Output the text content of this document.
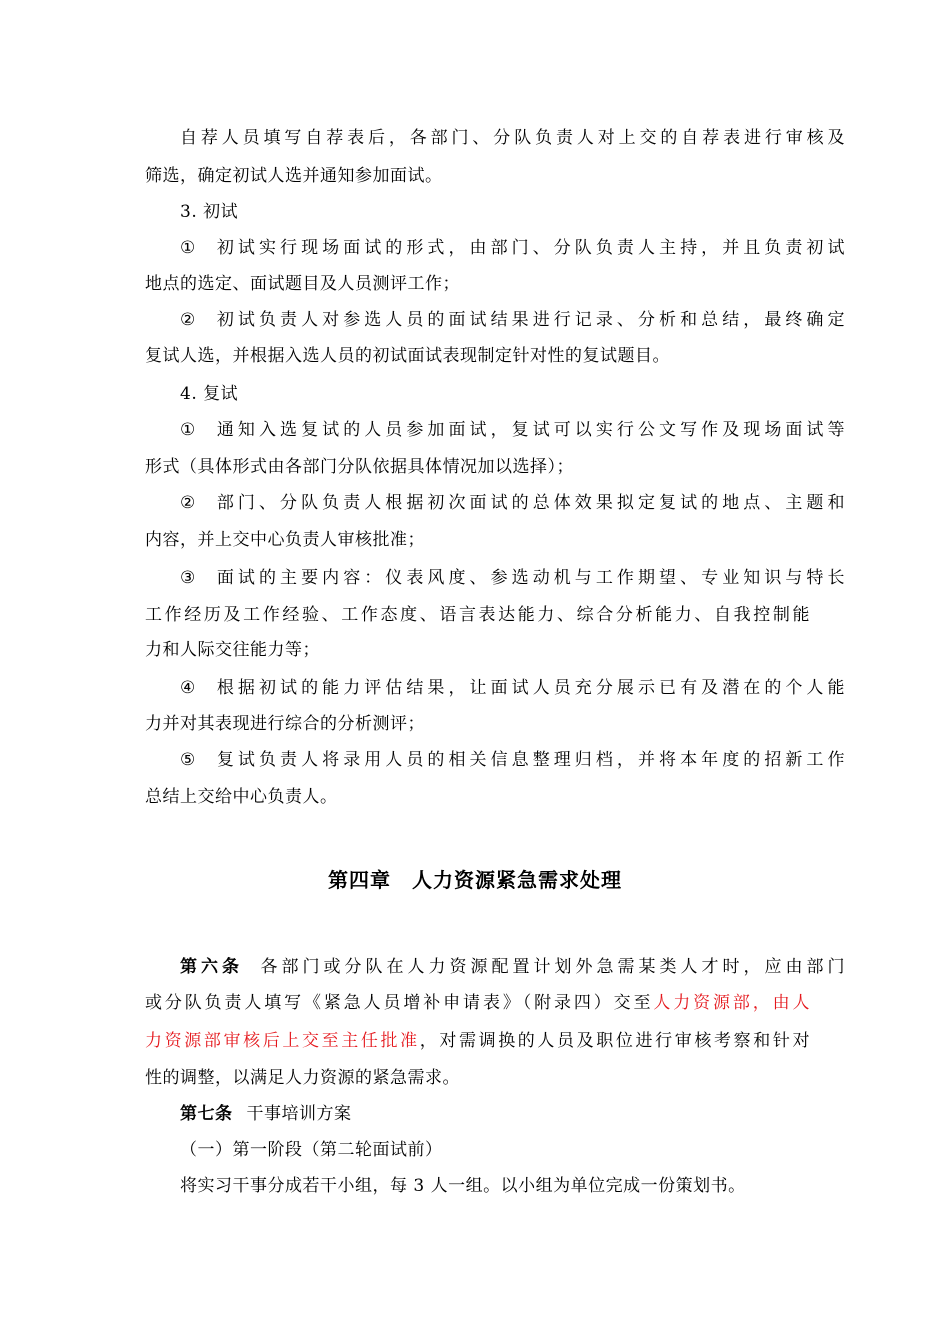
自荐人员填写自荐表后，各部门、分队负责人对上交的自荐表进行审核及
筛选，确定初试人选并通知参加面试。
3. 初试
① 初试实行现场面试的形式，由部门、分队负责人主持，并且负责初试
地点的选定、面试题目及人员测评工作；
② 初试负责人对参选人员的面试结果进行记录、分析和总结，最终确定
复试人选，并根据入选人员的初试面试表现制定针对性的复试题目。
4. 复试
① 通知入选复试的人员参加面试，复试可以实行公文写作及现场面试等
形式（具体形式由各部门分队依据具体情况加以选择）；
② 部门、分队负责人根据初次面试的总体效果拟定复试的地点、主题和
内容，并上交中心负责人审核批准；
③ 面试的主要内容：仪表风度、参选动机与工作期望、专业知识与特长
工作经历及工作经验、工作态度、语言表达能力、综合分析能力、自我控制能
力和人际交往能力等；
④ 根据初试的能力评估结果，让面试人员充分展示已有及潜在的个人能
力并对其表现进行综合的分析测评；
⑤ 复试负责人将录用人员的相关信息整理归档，并将本年度的招新工作
总结上交给中心负责人。
第四章　人力资源紧急需求处理
第六条 各部门或分队在人力资源配置计划外急需某类人才时，应由部门
或分队负责人填写《紧急人员增补申请表》（附录四）交至人力资源部，由人
力资源部审核后上交至主任批准，对需调换的人员及职位进行审核考察和针对
性的调整，以满足人力资源的紧急需求。
第七条 干事培训方案
（一）第一阶段（第二轮面试前）
将实习干事分成若干小组，每 3 人一组。以小组为单位完成一份策划书。
